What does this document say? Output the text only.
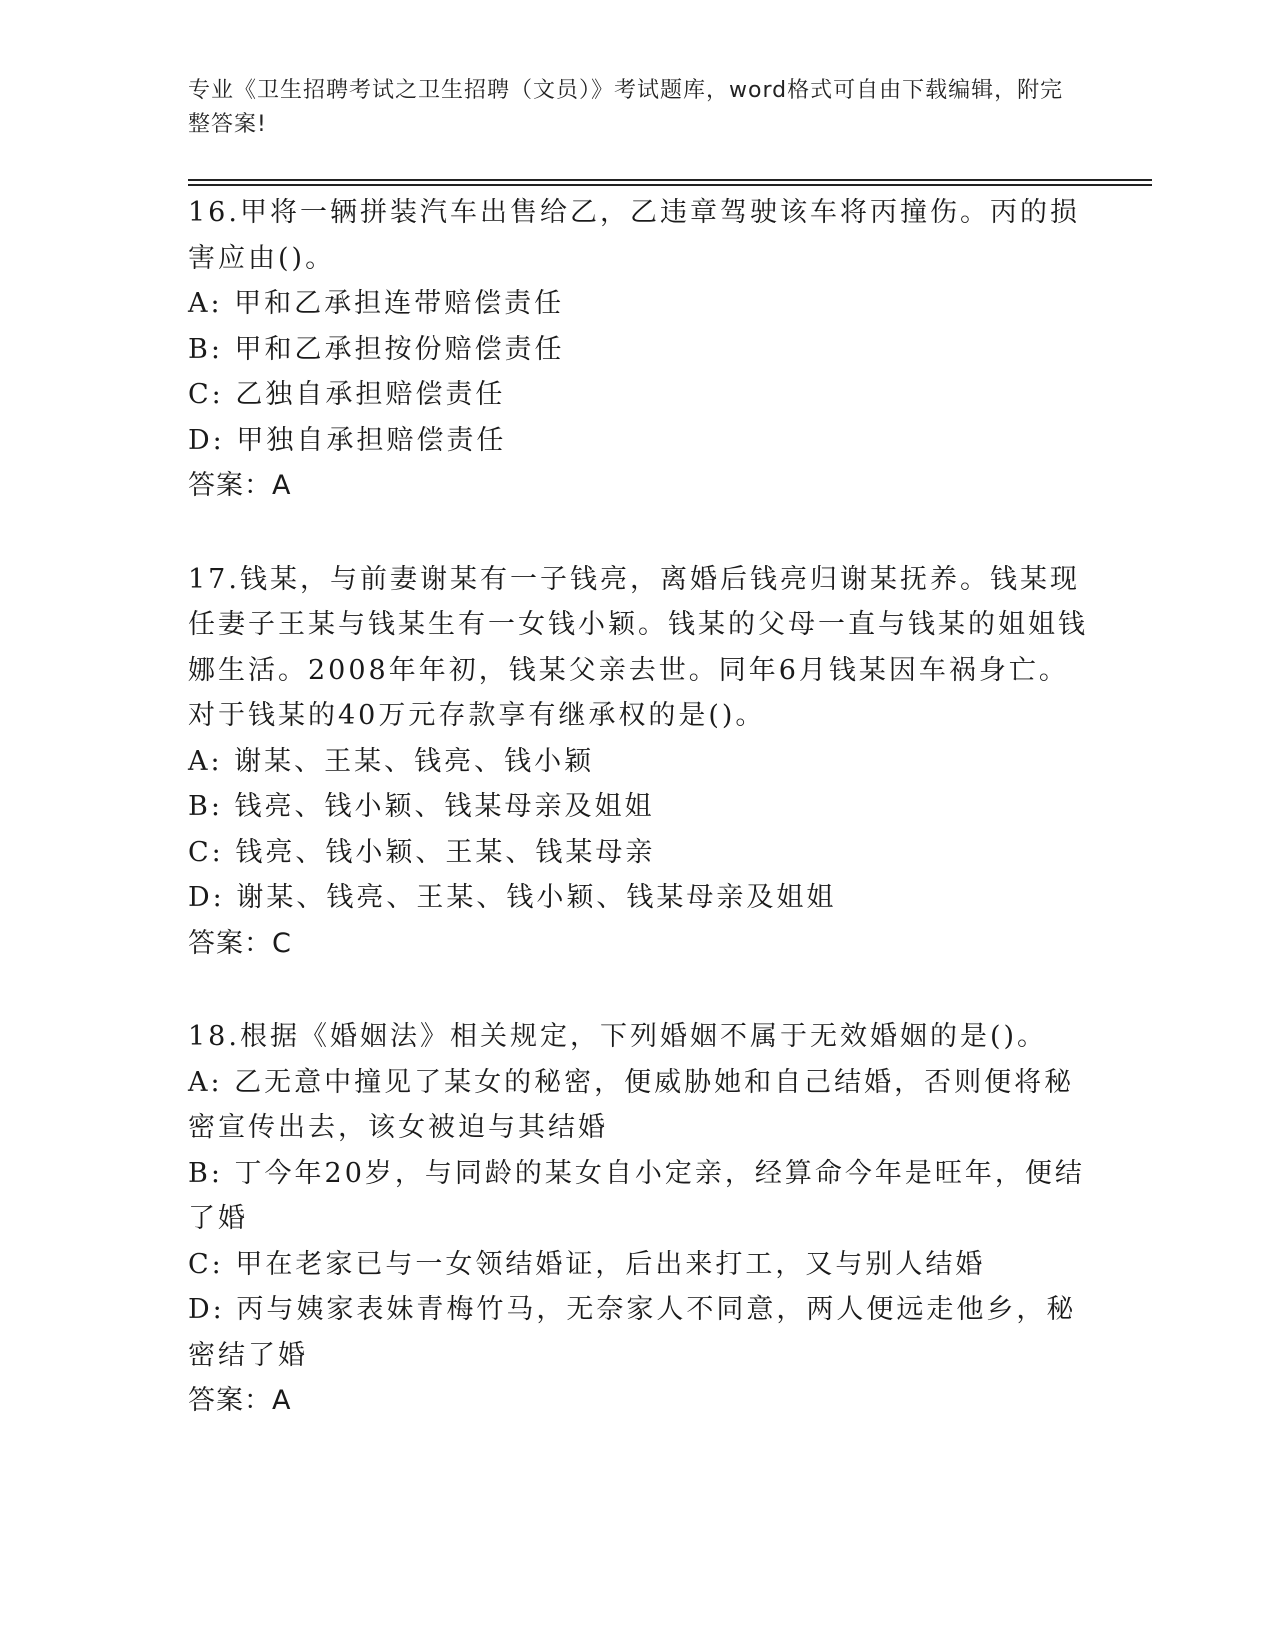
专业《卫生招聘考试之卫生招聘（文员）》考试题库，word格式可自由下载编辑，附完整答案!
16.甲将一辆拼装汽车出售给乙，乙违章驾驶该车将丙撞伤。丙的损害应由()。
A: 甲和乙承担连带赔偿责任
B: 甲和乙承担按份赔偿责任
C: 乙独自承担赔偿责任
D: 甲独自承担赔偿责任
答案：A
17.钱某，与前妻谢某有一子钱亮，离婚后钱亮归谢某抚养。钱某现任妻子王某与钱某生有一女钱小颖。钱某的父母一直与钱某的姐姐钱娜生活。2008年年初，钱某父亲去世。同年6月钱某因车祸身亡。对于钱某的40万元存款享有继承权的是()。
A: 谢某、王某、钱亮、钱小颖
B: 钱亮、钱小颖、钱某母亲及姐姐
C: 钱亮、钱小颖、王某、钱某母亲
D: 谢某、钱亮、王某、钱小颖、钱某母亲及姐姐
答案：C
18.根据《婚姻法》相关规定，下列婚姻不属于无效婚姻的是()。
A: 乙无意中撞见了某女的秘密，便威胁她和自己结婚，否则便将秘密宣传出去，该女被迫与其结婚
B: 丁今年20岁，与同龄的某女自小定亲，经算命今年是旺年，便结了婚
C: 甲在老家已与一女领结婚证，后出来打工，又与别人结婚
D: 丙与姨家表妹青梅竹马，无奈家人不同意，两人便远走他乡，秘密结了婚
答案：A
